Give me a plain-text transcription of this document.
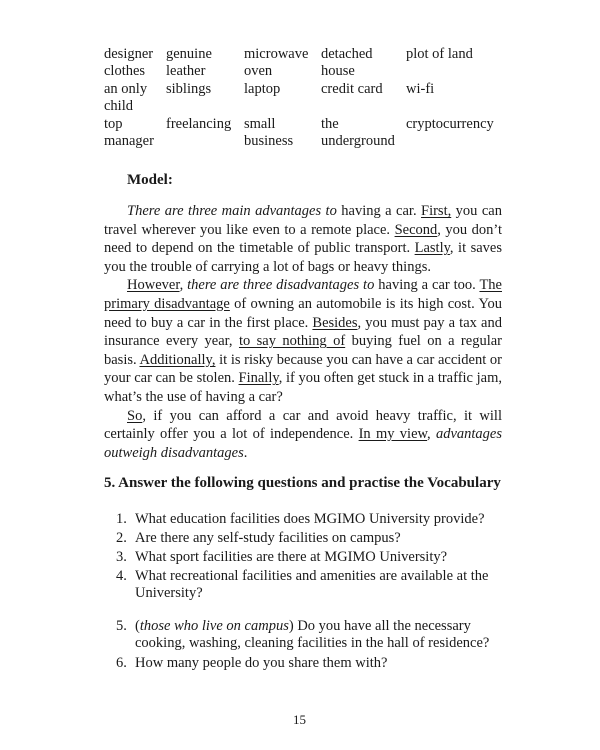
designer clothes	genuine leather	microwave oven	detached house	plot of land
an only child	siblings	laptop	credit card	wi-fi
top manager	freelancing	small business	the underground	cryptocurrency
Model:

There are three main advantages to having a car. First, you can travel wherever you like even to a remote place. Second, you don’t need to depend on the timetable of public transport. Lastly, it saves you the trouble of carrying a lot of bags or heavy things.

However, there are three disadvantages to having a car too. The primary disadvantage of owning an automobile is its high cost. You need to buy a car in the first place. Besides, you must pay a tax and insurance every year, to say nothing of buying fuel on a regular basis. Additionally, it is risky because you can have a car accident or your car can be stolen. Finally, if you often get stuck in a traffic jam, what’s the use of having a car?

So, if you can afford a car and avoid heavy traffic, it will certainly offer you a lot of independence. In my view, advantages outweigh disadvantages.

5. Answer the following questions and practise the Vocabulary
1. What education facilities does MGIMO University provide?
2. Are there any self-study facilities on campus?
3. What sport facilities are there at MGIMO University?
4. What recreational facilities and amenities are available at the University?
5. (those who live on campus) Do you have all the necessary cooking, washing, cleaning facilities in the hall of residence?
6. How many people do you share them with?
15
